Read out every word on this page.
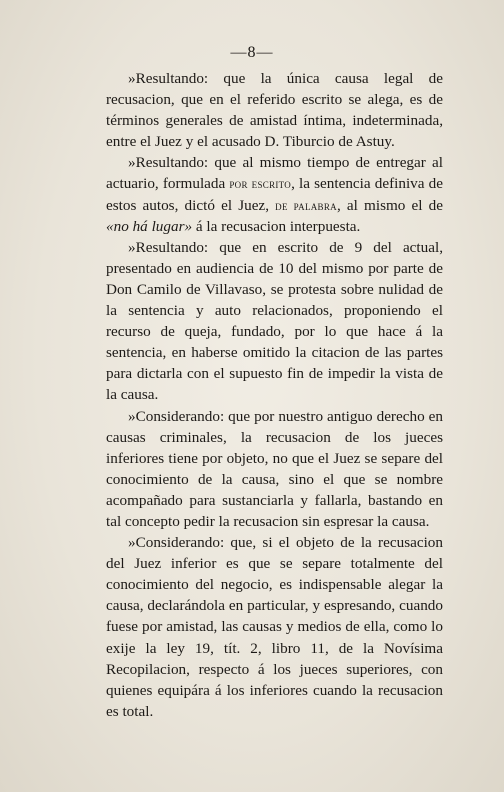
—8—

»Resultando: que la única causa legal de recusacion, que en el referido escrito se alega, es de términos generales de amistad íntima, indeterminada, entre el Juez y el acusado D. Tiburcio de Astuy.

»Resultando: que al mismo tiempo de entregar al actuario, formulada por escrito, la sentencia definiva de estos autos, dictó el Juez, de palabra, al mismo el de «no há lugar» á la recusacion interpuesta.

»Resultando: que en escrito de 9 del actual, presentado en audiencia de 10 del mismo por parte de Don Camilo de Villavaso, se protesta sobre nulidad de la sentencia y auto relacionados, proponiendo el recurso de queja, fundado, por lo que hace á la sentencia, en haberse omitido la citacion de las partes para dictarla con el supuesto fin de impedir la vista de la causa.

»Considerando: que por nuestro antiguo derecho en causas criminales, la recusacion de los jueces inferiores tiene por objeto, no que el Juez se separe del conocimiento de la causa, sino el que se nombre acompañado para sustanciarla y fallarla, bastando en tal concepto pedir la recusacion sin espresar la causa.

»Considerando: que, si el objeto de la recusacion del Juez inferior es que se separe totalmente del conocimiento del negocio, es indispensable alegar la causa, declarándola en particular, y espresando, cuando fuese por amistad, las causas y medios de ella, como lo exije la ley 19, tít. 2, libro 11, de la Novísima Recopilacion, respecto á los jueces superiores, con quienes equipára á los inferiores cuando la recusacion es total.
